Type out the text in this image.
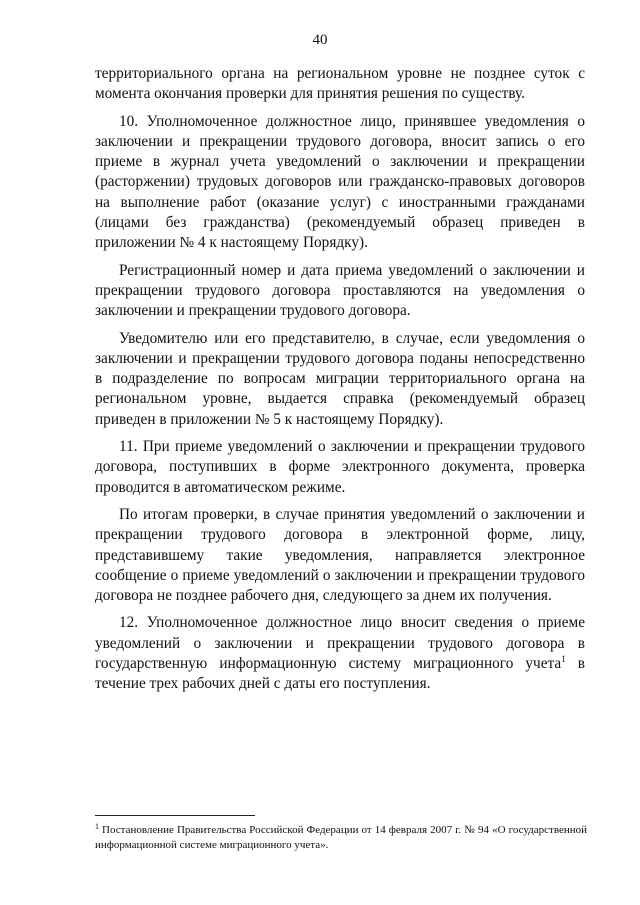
40

территориального органа на региональном уровне не позднее суток с момента окончания проверки для принятия решения по существу.

10. Уполномоченное должностное лицо, принявшее уведомления о заключении и прекращении трудового договора, вносит запись о его приеме в журнал учета уведомлений о заключении и прекращении (расторжении) трудовых договоров или гражданско-правовых договоров на выполнение работ (оказание услуг) с иностранными гражданами (лицами без гражданства) (рекомендуемый образец приведен в приложении № 4 к настоящему Порядку).

Регистрационный номер и дата приема уведомлений о заключении и прекращении трудового договора проставляются на уведомления о заключении и прекращении трудового договора.

Уведомителю или его представителю, в случае, если уведомления о заключении и прекращении трудового договора поданы непосредственно в подразделение по вопросам миграции территориального органа на региональном уровне, выдается справка (рекомендуемый образец приведен в приложении № 5 к настоящему Порядку).

11. При приеме уведомлений о заключении и прекращении трудового договора, поступивших в форме электронного документа, проверка проводится в автоматическом режиме.

По итогам проверки, в случае принятия уведомлений о заключении и прекращении трудового договора в электронной форме, лицу, представившему такие уведомления, направляется электронное сообщение о приеме уведомлений о заключении и прекращении трудового договора не позднее рабочего дня, следующего за днем их получения.

12. Уполномоченное должностное лицо вносит сведения о приеме уведомлений о заключении и прекращении трудового договора в государственную информационную систему миграционного учета$^1$ в течение трех рабочих дней с даты его поступления.

$^1$ Постановление Правительства Российской Федерации от 14 февраля 2007 г. № 94 «О государственной информационной системе миграционного учета».
